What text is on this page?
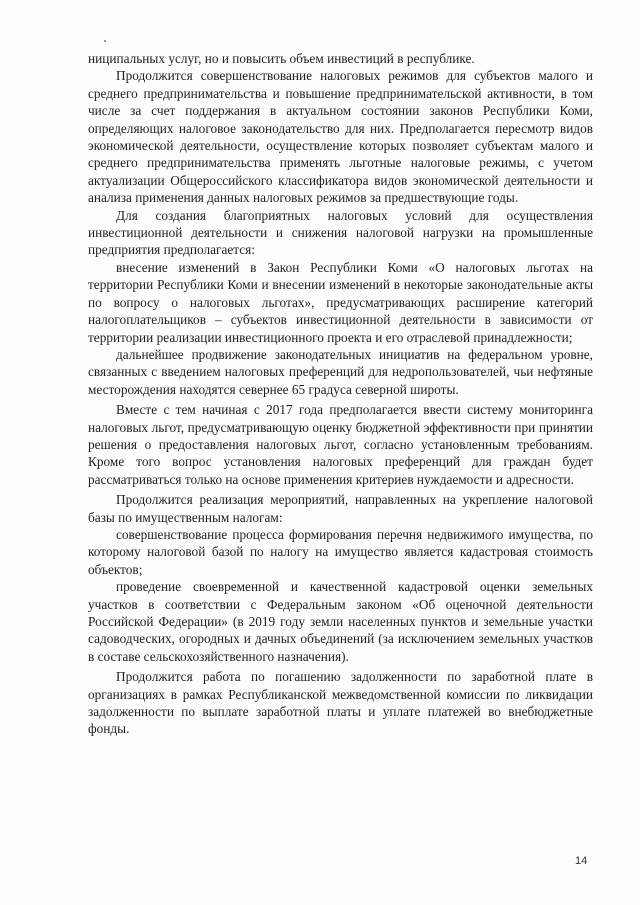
ниципальных услуг, но и повысить объем инвестиций в республике.

Продолжится совершенствование налоговых режимов для субъектов малого и среднего предпринимательства и повышение предпринимательской активности, в том числе за счет поддержания в актуальном состоянии законов Республики Коми, определяющих налоговое законодательство для них. Предполагается пересмотр видов экономической деятельности, осуществление которых позволяет субъектам малого и среднего предпринимательства применять льготные налоговые режимы, с учетом актуализации Общероссийского классификатора видов экономической деятельности и анализа применения данных налоговых режимов за предшествующие годы.

Для создания благоприятных налоговых условий для осуществления инвестиционной деятельности и снижения налоговой нагрузки на промышленные предприятия предполагается:

внесение изменений в Закон Республики Коми «О налоговых льготах на территории Республики Коми и внесении изменений в некоторые законодательные акты по вопросу о налоговых льготах», предусматривающих расширение категорий налогоплательщиков – субъектов инвестиционной деятельности в зависимости от территории реализации инвестиционного проекта и его отраслевой принадлежности;

дальнейшее продвижение законодательных инициатив на федеральном уровне, связанных с введением налоговых преференций для недропользователей, чьи нефтяные месторождения находятся севернее 65 градуса северной широты.

Вместе с тем начиная с 2017 года предполагается ввести систему мониторинга налоговых льгот, предусматривающую оценку бюджетной эффективности при принятии решения о предоставления налоговых льгот, согласно установленным требованиям. Кроме того вопрос установления налоговых преференций для граждан будет рассматриваться только на основе применения критериев нуждаемости и адресности.

Продолжится реализация мероприятий, направленных на укрепление налоговой базы по имущественным налогам:

совершенствование процесса формирования перечня недвижимого имущества, по которому налоговой базой по налогу на имущество является кадастровая стоимость объектов;

проведение своевременной и качественной кадастровой оценки земельных участков в соответствии с Федеральным законом «Об оценочной деятельности Российской Федерации» (в 2019 году земли населенных пунктов и земельные участки садоводческих, огородных и дачных объединений (за исключением земельных участков в составе сельскохозяйственного назначения).

Продолжится работа по погашению задолженности по заработной плате в организациях в рамках Республиканской межведомственной комиссии по ликвидации задолженности по выплате заработной платы и уплате платежей во внебюджетные фонды.

14
